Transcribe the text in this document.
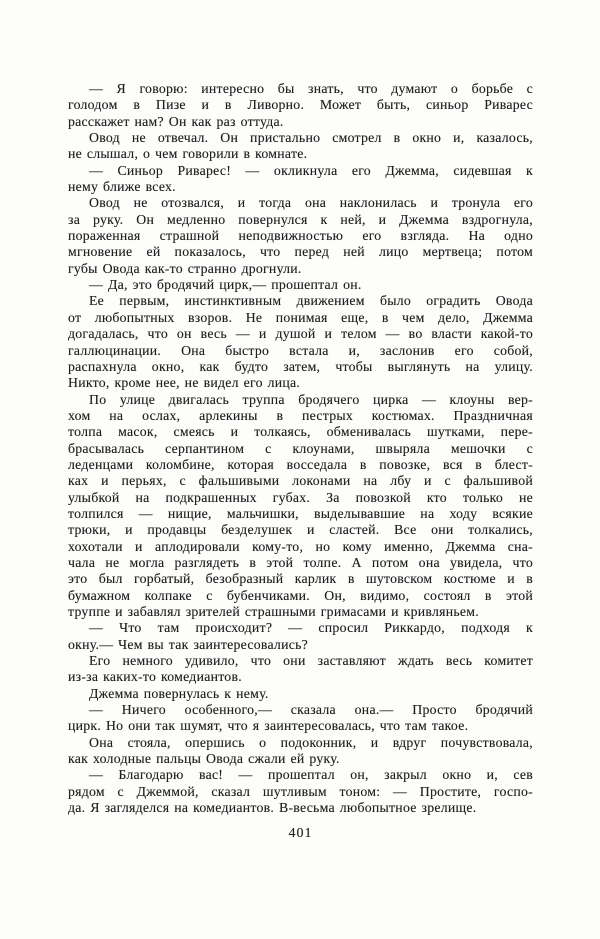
— Я говорю: интересно бы знать, что думают о борьбе с
голодом в Пизе и в Ливорно. Может быть, синьор Риварес
расскажет нам? Он как раз оттуда.
Овод не отвечал. Он пристально смотрел в окно и, казалось,
не слышал, о чем говорили в комнате.
— Синьор Риварес! — окликнула его Джемма, сидевшая к
нему ближе всех.
Овод не отозвался, и тогда она наклонилась и тронула его
за руку. Он медленно повернулся к ней, и Джемма вздрогнула,
пораженная страшной неподвижностью его взгляда. На одно
мгновение ей показалось, что перед ней лицо мертвеца; потом
губы Овода как-то странно дрогнули.
— Да, это бродячий цирк,— прошептал он.
Ее первым, инстинктивным движением было оградить Овода
от любопытных взоров. Не понимая еще, в чем дело, Джемма
догадалась, что он весь — и душой и телом — во власти какой-то
галлюцинации. Она быстро встала и, заслонив его собой,
распахнула окно, как будто затем, чтобы выглянуть на улицу.
Никто, кроме нее, не видел его лица.
По улице двигалась труппа бродячего цирка — клоуны вер-
хом на ослах, арлекины в пестрых костюмах. Праздничная
толпа масок, смеясь и толкаясь, обменивалась шутками, пере-
брасывалась серпантином с клоунами, швыряла мешочки с
леденцами коломбине, которая восседала в повозке, вся в блест-
ках и перьях, с фальшивыми локонами на лбу и с фальшивой
улыбкой на подкрашенных губах. За повозкой кто только не
толпился — нищие, мальчишки, выделывавшие на ходу всякие
трюки, и продавцы безделушек и сластей. Все они толкались,
хохотали и аплодировали кому-то, но кому именно, Джемма сна-
чала не могла разглядеть в этой толпе. А потом она увидела, что
это был горбатый, безобразный карлик в шутовском костюме и в
бумажном колпаке с бубенчиками. Он, видимо, состоял в этой
труппе и забавлял зрителей страшными гримасами и кривляньем.
— Что там происходит? — спросил Риккардо, подходя к
окну.— Чем вы так заинтересовались?
Его немного удивило, что они заставляют ждать весь комитет
из-за каких-то комедиантов.
Джемма повернулась к нему.
— Ничего особенного,— сказала она.— Просто бродячий
цирк. Но они так шумят, что я заинтересовалась, что там такое.
Она стояла, опершись о подоконник, и вдруг почувствовала,
как холодные пальцы Овода сжали ей руку.
— Благодарю вас! — прошептал он, закрыл окно и, сев
рядом с Джеммой, сказал шутливым тоном: — Простите, госпо-
да. Я загляделся на комедиантов. В-весьма любопытное зрелище.
401
